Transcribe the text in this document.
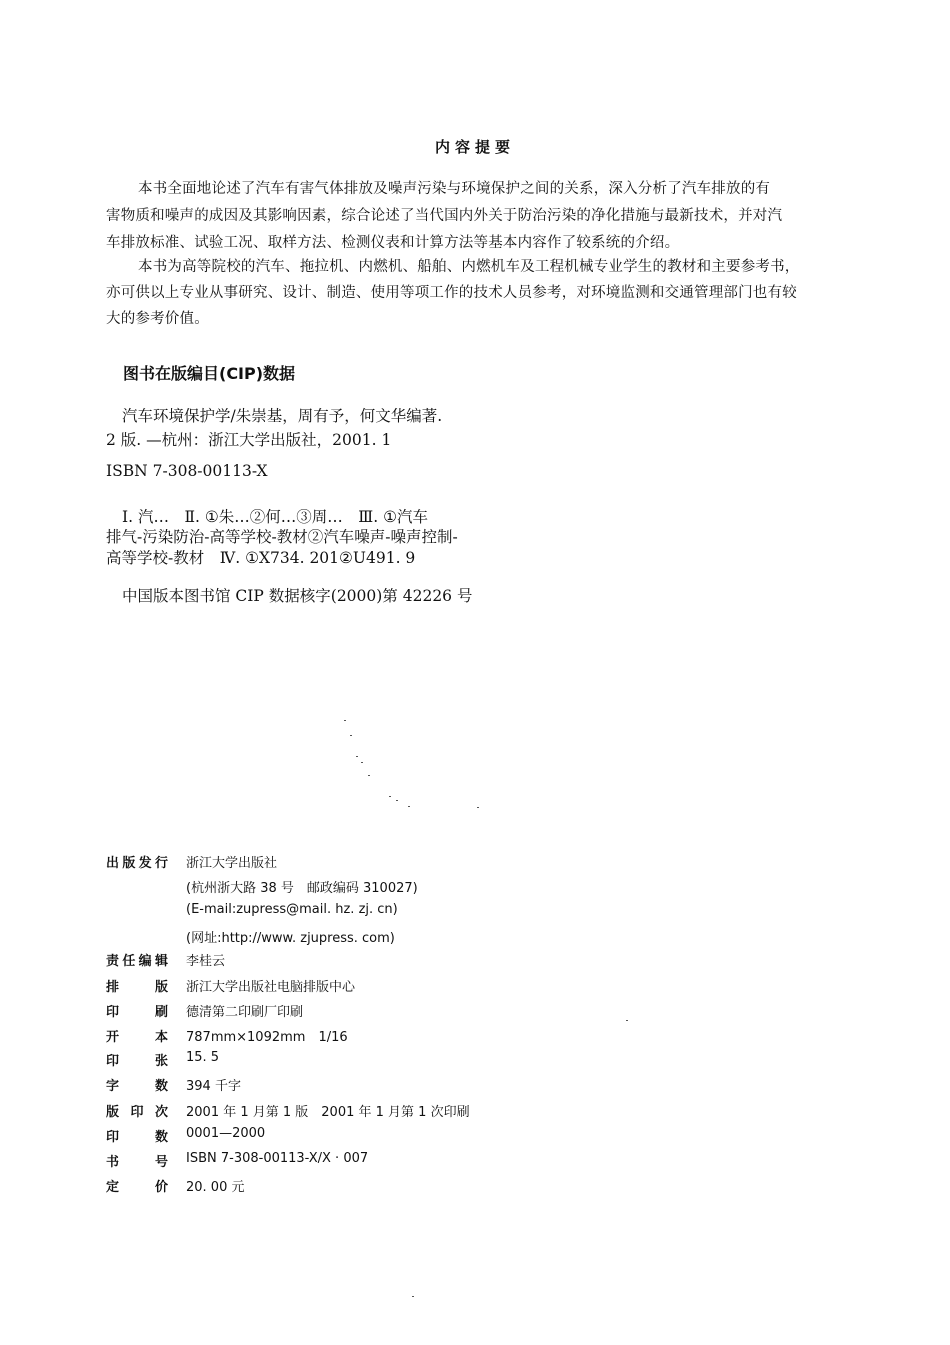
内容提要
本书全面地论述了汽车有害气体排放及噪声污染与环境保护之间的关系，深入分析了汽车排放的有
害物质和噪声的成因及其影响因素，综合论述了当代国内外关于防治污染的净化措施与最新技术，并对汽
车排放标准、试验工况、取样方法、检测仪表和计算方法等基本内容作了较系统的介绍。
本书为高等院校的汽车、拖拉机、内燃机、船舶、内燃机车及工程机械专业学生的教材和主要参考书，
亦可供以上专业从事研究、设计、制造、使用等项工作的技术人员参考，对环境监测和交通管理部门也有较
大的参考价值。
图书在版编目(CIP)数据
汽车环境保护学/朱崇基，周有予，何文华编著.
2 版. —杭州：浙江大学出版社，2001. 1
ISBN 7-308-00113-X
Ⅰ. 汽…　Ⅱ. ①朱…②何…③周…　Ⅲ. ①汽车
排气-污染防治-高等学校-教材②汽车噪声-噪声控制-
高等学校-教材　Ⅳ. ①X734. 201②U491. 9
中国版本图书馆 CIP 数据核字(2000)第 42226 号
出 版 发 行 浙江大学出版社
(杭州浙大路 38 号　邮政编码 310027)
(E-mail:zupress@mail. hz. zj. cn)
(网址:http://www. zjupress. com)
责 任 编 辑 李桂云
排	版 浙江大学出版社电脑排版中心
印	刷 德清第二印刷厂印刷
开	本 787mm×1092mm　1/16
印	张 15. 5
字	数 394 千字
版 印 次 2001 年 1 月第 1 版　2001 年 1 月第 1 次印刷
印	数 0001—2000
书	号 ISBN 7-308-00113-X/X · 007
定	价 20. 00 元
